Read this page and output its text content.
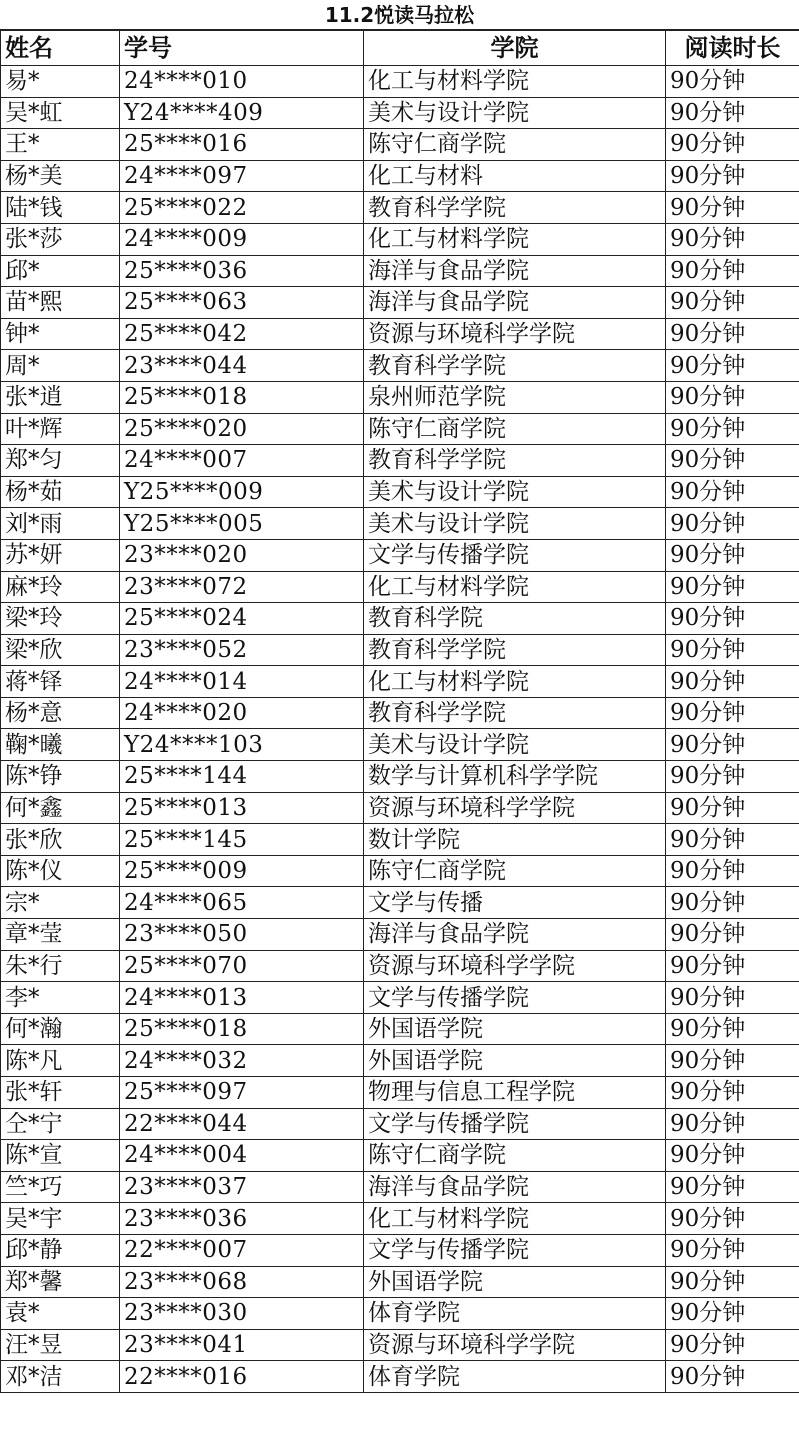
11.2悦读马拉松
姓名	学号	学院	阅读时长
易*	24****010	化工与材料学院	90分钟
吴*虹	Y24****409	美术与设计学院	90分钟
王*	25****016	陈守仁商学院	90分钟
杨*美	24****097	化工与材料	90分钟
陆*钱	25****022	教育科学学院	90分钟
张*莎	24****009	化工与材料学院	90分钟
邱*	25****036	海洋与食品学院	90分钟
苗*熙	25****063	海洋与食品学院	90分钟
钟*	25****042	资源与环境科学学院	90分钟
周*	23****044	教育科学学院	90分钟
张*逍	25****018	泉州师范学院	90分钟
叶*辉	25****020	陈守仁商学院	90分钟
郑*匀	24****007	教育科学学院	90分钟
杨*茹	Y25****009	美术与设计学院	90分钟
刘*雨	Y25****005	美术与设计学院	90分钟
苏*妍	23****020	文学与传播学院	90分钟
麻*玲	23****072	化工与材料学院	90分钟
梁*玲	25****024	教育科学院	90分钟
梁*欣	23****052	教育科学学院	90分钟
蒋*铎	24****014	化工与材料学院	90分钟
杨*意	24****020	教育科学学院	90分钟
鞠*曦	Y24****103	美术与设计学院	90分钟
陈*铮	25****144	数学与计算机科学学院	90分钟
何*鑫	25****013	资源与环境科学学院	90分钟
张*欣	25****145	数计学院	90分钟
陈*仪	25****009	陈守仁商学院	90分钟
宗*	24****065	文学与传播	90分钟
章*莹	23****050	海洋与食品学院	90分钟
朱*行	25****070	资源与环境科学学院	90分钟
李*	24****013	文学与传播学院	90分钟
何*瀚	25****018	外国语学院	90分钟
陈*凡	24****032	外国语学院	90分钟
张*轩	25****097	物理与信息工程学院	90分钟
仝*宁	22****044	文学与传播学院	90分钟
陈*宣	24****004	陈守仁商学院	90分钟
竺*巧	23****037	海洋与食品学院	90分钟
吴*宇	23****036	化工与材料学院	90分钟
邱*静	22****007	文学与传播学院	90分钟
郑*馨	23****068	外国语学院	90分钟
袁*	23****030	体育学院	90分钟
汪*昱	23****041	资源与环境科学学院	90分钟
邓*洁	22****016	体育学院	90分钟
